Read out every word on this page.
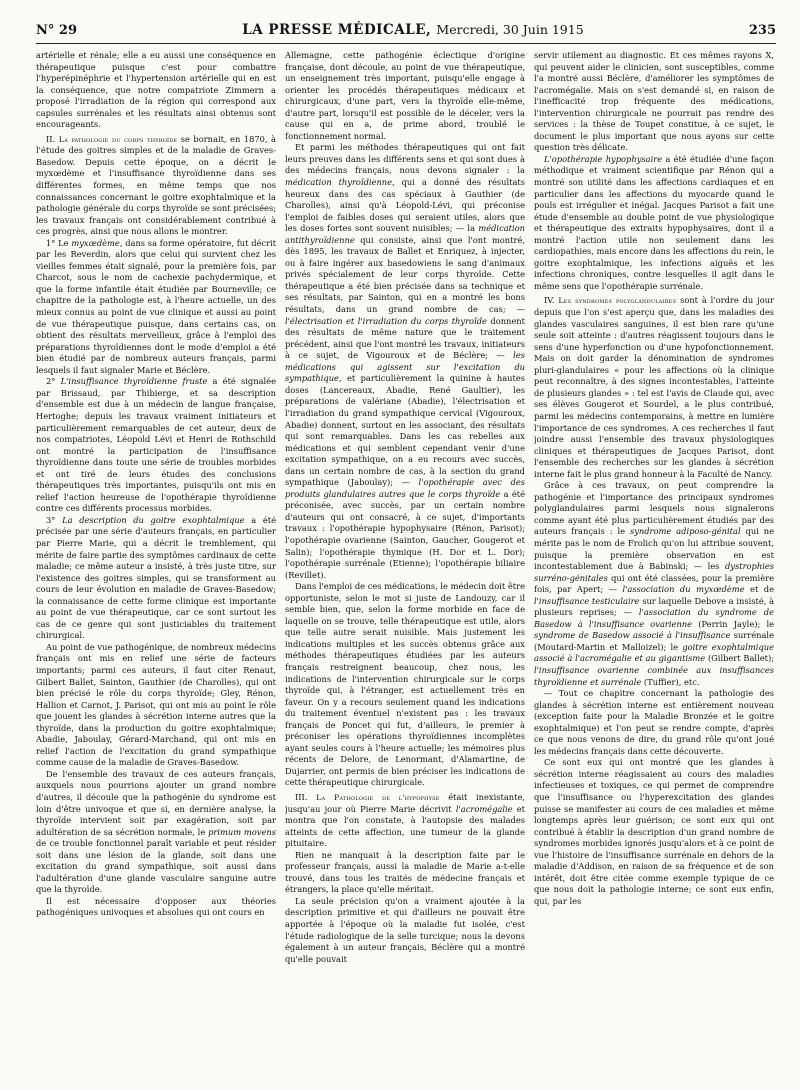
N° 29	LA PRESSE MÉDICALE, Mercredi, 30 Juin 1915	235

artérielle et rénale; elle a eu aussi une conséquence en thérapeutique puisque c'est pour combattre l'hyperépinéphrie et l'hypertension artérielle qui en est la conséquence, que notre compatriote Zimmern a proposé l'irradiation de la région qui correspond aux capsules surrénales et les résultats ainsi obtenus sont encourageants.

II. La pathologie du corps thyroïde se bornait, en 1870, à l'étude des goitres simples et de la maladie de Graves-Basedow. Depuis cette époque, on a décrit le myxœdème et l'insuffisance thyroïdienne dans ses différentes formes, en même temps que nos connaissances concernant le goitre exophtalmique et la pathologie générale du corps thyroïde se sont précisées; les travaux français ont considérablement contribué à ces progrès, ainsi que nous allons le montrer.

1° Le myxœdème, dans sa forme opératoire, fut décrit par les Reverdin, alors que celui qui survient chez les vieilles femmes était signalé, pour la première fois, par Charcot, sous le nom de cachexie pachydermique, et que la forme infantile était étudiée par Bourneville; ce chapitre de la pathologie est, à l'heure actuelle, un des mieux connus au point de vue clinique et aussi au point de vue thérapeutique puisque, dans certains cas, on obtient des résultats merveilleux, grâce à l'emploi des préparations thyroïdiennes dont le mode d'emploi a été bien étudié par de nombreux auteurs français, parmi lesquels il faut signaler Marie et Béclère.

2° L'insuffisance thyroïdienne fruste a été signalée par Brissaud, par Thibierge, et sa description d'ensemble est due à un médecin de langue française, Hertoghe; depuis les travaux vraiment initiateurs et particulièrement remarquables de cet auteur, deux de nos compatriotes, Léopold Lévi et Henri de Rothschild ont montré la participation de l'insuffisance thyroïdienne dans toute une série de troubles morbides et ont tiré de leurs études des conclusions thérapeutiques très importantes, puisqu'ils ont mis en relief l'action heureuse de l'opothérapie thyroïdienne contre ces différents processus morbides.

3° La description du goitre exophtalmique a été précisée par une série d'auteurs français, en particulier par Pierre Marie, qui a décrit le tremblement, qui mérite de faire partie des symptômes cardinaux de cette maladie; ce même auteur a insisté, à très juste titre, sur l'existence des goitres simples, qui se transforment au cours de leur évolution en maladie de Graves-Basedow; la connaissance de cette forme clinique est importante au point de vue thérapeutique, car ce sont surtout les cas de ce genre qui sont justiciables du traitement chirurgical.

Au point de vue pathogénique, de nombreux médecins français ont mis en relief une série de facteurs importants; parmi ces auteurs, il faut citer Renaut, Gilbert Ballet, Sainton, Gauthier (de Charolles), qui ont bien précisé le rôle du corps thyroïde; Gley, Rénon, Hallion et Carnot, J. Parisot, qui ont mis au point le rôle que jouent les glandes à sécrétion interne autres que la thyroïde, dans la production du goitre exophtalmique; Abadie, Jaboulay, Gérard-Marchand, qui ont mis en relief l'action de l'excitation du grand sympathique comme cause de la maladie de Graves-Basedow.

De l'ensemble des travaux de ces auteurs français, auxquels nous pourrions ajouter un grand nombre d'autres, il découle que la pathogénie du syndrome est loin d'être univoque et que si, en dernière analyse, la thyroïde intervient soit par exagération, soit par adultération de sa sécrétion normale, le primum movens de ce trouble fonctionnel paraît variable et peut résider soit dans une lésion de la glande, soit dans une excitation du grand sympathique, soit aussi dans l'adultération d'une glande vasculaire sanguine autre que la thyroïde.

Il est nécessaire d'opposer aux théories pathogéniques univoques et absolues qui ont cours en

Allemagne, cette pathogénie éclectique d'origine française, dont découle, au point de vue thérapeutique, un enseignement très important, puisqu'elle engage à orienter les procédés thérapeutiques médicaux et chirurgicaux, d'une part, vers la thyroïde elle-même, d'autre part, lorsqu'il est possible de le déceler, vers la cause qui en a, de prime abord, troublé le fonctionnement normal.

Et parmi les méthodes thérapeutiques qui ont fait leurs preuves dans les différents sens et qui sont dues à des médecins français, nous devons signaler : la médication thyroïdienne, qui a donné des résultats heureux dans des cas spéciaux à Gauthier (de Charolles), ainsi qu'à Léopold-Lévi, qui préconise l'emploi de faibles doses qui seraient utiles, alors que les doses fortes sont souvent nuisibles; — la médication antithyroïdienne qui consiste, ainsi que l'ont montré, dès 1895, les travaux de Ballet et Enriquez, à injecter, ou à faire ingérer aux basedowiens le sang d'animaux privés spécialement de leur corps thyroïde. Cette thérapeutique a été bien précisée dans sa technique et ses résultats, par Sainton, qui en a montré les bons résultats, dans un grand nombre de cas; — l'électrisation et l'irradiation du corps thyroïde donnent des résultats de même nature que le traitement précédent, ainsi que l'ont montré les travaux, initiateurs à ce sujet, de Vigouroux et de Béclère; — les médications qui agissent sur l'excitation du sympathique, et particulièrement la quinine à hautes doses (Lancereaux, Abadie, René Gaultier), les préparations de valériane (Abadie), l'électrisation et l'irradiation du grand sympathique cervical (Vigouroux, Abadie) donnent, surtout en les associant, des résultats qui sont remarquables. Dans les cas rebelles aux médications et qui semblent cependant venir d'une excitation sympathique, on a eu recours avec succès, dans un certain nombre de cas, à la section du grand sympathique (Jaboulay); — l'opothérapie avec des produits glandulaires autres que le corps thyroïde a été préconisée, avec succès, par un certain nombre d'auteurs qui ont consacré, à ce sujet, d'importants travaux : l'opothérapie hypophysaire (Rénon, Parisot); l'opothérapie ovarienne (Sainton, Gaucher, Gougerot et Salin); l'opothérapie thymique (H. Dor et L. Dor); l'opothérapie surrénale (Etienne); l'opothérapie biliaire (Revillet).

Dans l'emploi de ces médications, le médecin doit être opportuniste, selon le mot si juste de Landouzy, car il semble bien, que, selon la forme morbide en face de laquelle on se trouve, telle thérapeutique est utile, alors que telle autre serait nuisible. Mais justement les indications multiples et les succès obtenus grâce aux méthodes thérapeutiques étudiées par les auteurs français restreignent beaucoup, chez nous, les indications de l'intervention chirurgicale sur le corps thyroïde qui, à l'étranger, est actuellement très en faveur. On y a recours seulement quand les indications du traitement éventuel n'existent pas : les travaux français de Poncet qui fut, d'ailleurs, le premier à préconiser les opérations thyroïdiennes incomplètes ayant seules cours à l'heure actuelle; les mémoires plus récents de Delore, de Lenormant, d'Alamartine, de Dujarrier, ont permis de bien préciser les indications de cette thérapeutique chirurgicale.

III. La Pathologie de l'hypophyse était inexistante, jusqu'au jour où Pierre Marie décrivit l'acromégalie et montra que l'on constate, à l'autopsie des malades atteints de cette affection, une tumeur de la glande pituitaire.

Rien ne manquait à la description faite par le professeur français, aussi la maladie de Marie a-t-elle trouvé, dans tous les traités de médecine français et étrangers, la place qu'elle méritait.

La seule précision qu'on a vraiment ajoutée à la description primitive et qui d'ailleurs ne pouvait être apportée à l'époque où la maladie fut isolée, c'est l'étude radiologique de la selle turcique; nous la devons également à un auteur français, Béclère qui a montré qu'elle pouvait

servir utilement au diagnostic. Et ces mêmes rayons X, qui peuvent aider le clinicien, sont susceptibles, comme l'a montré aussi Béclère, d'améliorer les symptômes de l'acromégalie. Mais on s'est demandé si, en raison de l'inefficacité trop fréquente des médications, l'intervention chirurgicale ne pourrait pas rendre des services : la thèse de Toupet constitue, à ce sujet, le document le plus important que nous ayons sur cette question très délicate.

L'opothérapie hypophysaire a été étudiée d'une façon méthodique et vraiment scientifique par Rénon qui a montré son utilité dans les affections cardiaques et en particulier dans les affections du myocarde quand le pouls est irrégulier et inégal. Jacques Parisot a fait une étude d'ensemble au double point de vue physiologique et thérapeutique des extraits hypophysaires, dont il a montré l'action utile non seulement dans les cardiopathies, mais encore dans les affections du rein, le goitre exophtalmique, les infections aiguës et les infections chroniques, contre lesquelles il agit dans le même sens que l'opothérapie surrénale.

IV. Les syndromes polyglandulaires sont à l'ordre du jour depuis que l'on s'est aperçu que, dans les maladies des glandes vasculaires sanguines, il est bien rare qu'une seule soit atteinte : d'autres réagissent toujours dans le sens d'une hyperfonction ou d'une hypofonctionnement. Mais on doit garder la dénomination de syndromes pluri-glandulaires « pour les affections où la clinique peut reconnaître, à des signes incontestables, l'atteinte de plusieurs glandes » : tel est l'avis de Claude qui, avec ses élèves Gougerot et Sourdel, a le plus contribué, parmi les médecins contemporains, à mettre en lumière l'importance de ces syndromes. A ces recherches il faut joindre aussi l'ensemble des travaux physiologiques cliniques et thérapeutiques de Jacques Parisot, dont l'ensemble des recherches sur les glandes à sécrétion interne fait le plus grand honneur à la Faculté de Nancy.

Grâce à ces travaux, on peut comprendre la pathogénie et l'importance des principaux syndromes polyglandulaires parmi lesquels nous signalerons comme ayant été plus particulièrement étudiés par des auteurs français : le syndrome adiposo-génital qui ne mérite pas le nom de Frolich qu'on lui attribue souvent, puisque la première observation en est incontestablement due à Babinski; — les dystrophies surréno-génitales qui ont été classées, pour la première fois, par Apert; — l'association du myxœdème et de l'insuffisance testiculaire sur laquelle Debove a insisté, à plusieurs reprises; — l'association du syndrome de Basedow à l'insuffisance ovarienne (Perrin Jayle); le syndrome de Basedow associé à l'insuffisance surrénale (Moutard-Martin et Malloizel); le goitre exophtalmique associé à l'acromégalie et au gigantisme (Gilbert Ballet); l'insuffisance ovarienne combinée aux insuffisances thyroïdienne et surrénale (Tuffier), etc.

— Tout ce chapitre concernant la pathologie des glandes à sécrétion interne est entièrement nouveau (exception faite pour la Maladie Bronzée et le goitre exophtalmique) et l'on peut se rendre compte, d'après ce que nous venons de dire, du grand rôle qu'ont joué les médecins français dans cette découverte.

Ce sont eux qui ont montré que les glandes à sécrétion interne réagissaient au cours des maladies infectieuses et toxiques, ce qui permet de comprendre que l'insuffisance ou l'hyperexcitation des glandes puisse se manifester au cours de ces maladies et même longtemps après leur guérison; ce sont eux qui ont contribué à établir la description d'un grand nombre de syndromes morbides ignorés jusqu'alors et à ce point de vue l'histoire de l'insuffisance surrénale en dehors de la maladie d'Addison, en raison de sa fréquence et de son intérêt, doit être citée comme exemple typique de ce que nous doit la pathologie interne; ce sont eux enfin, qui, par les
